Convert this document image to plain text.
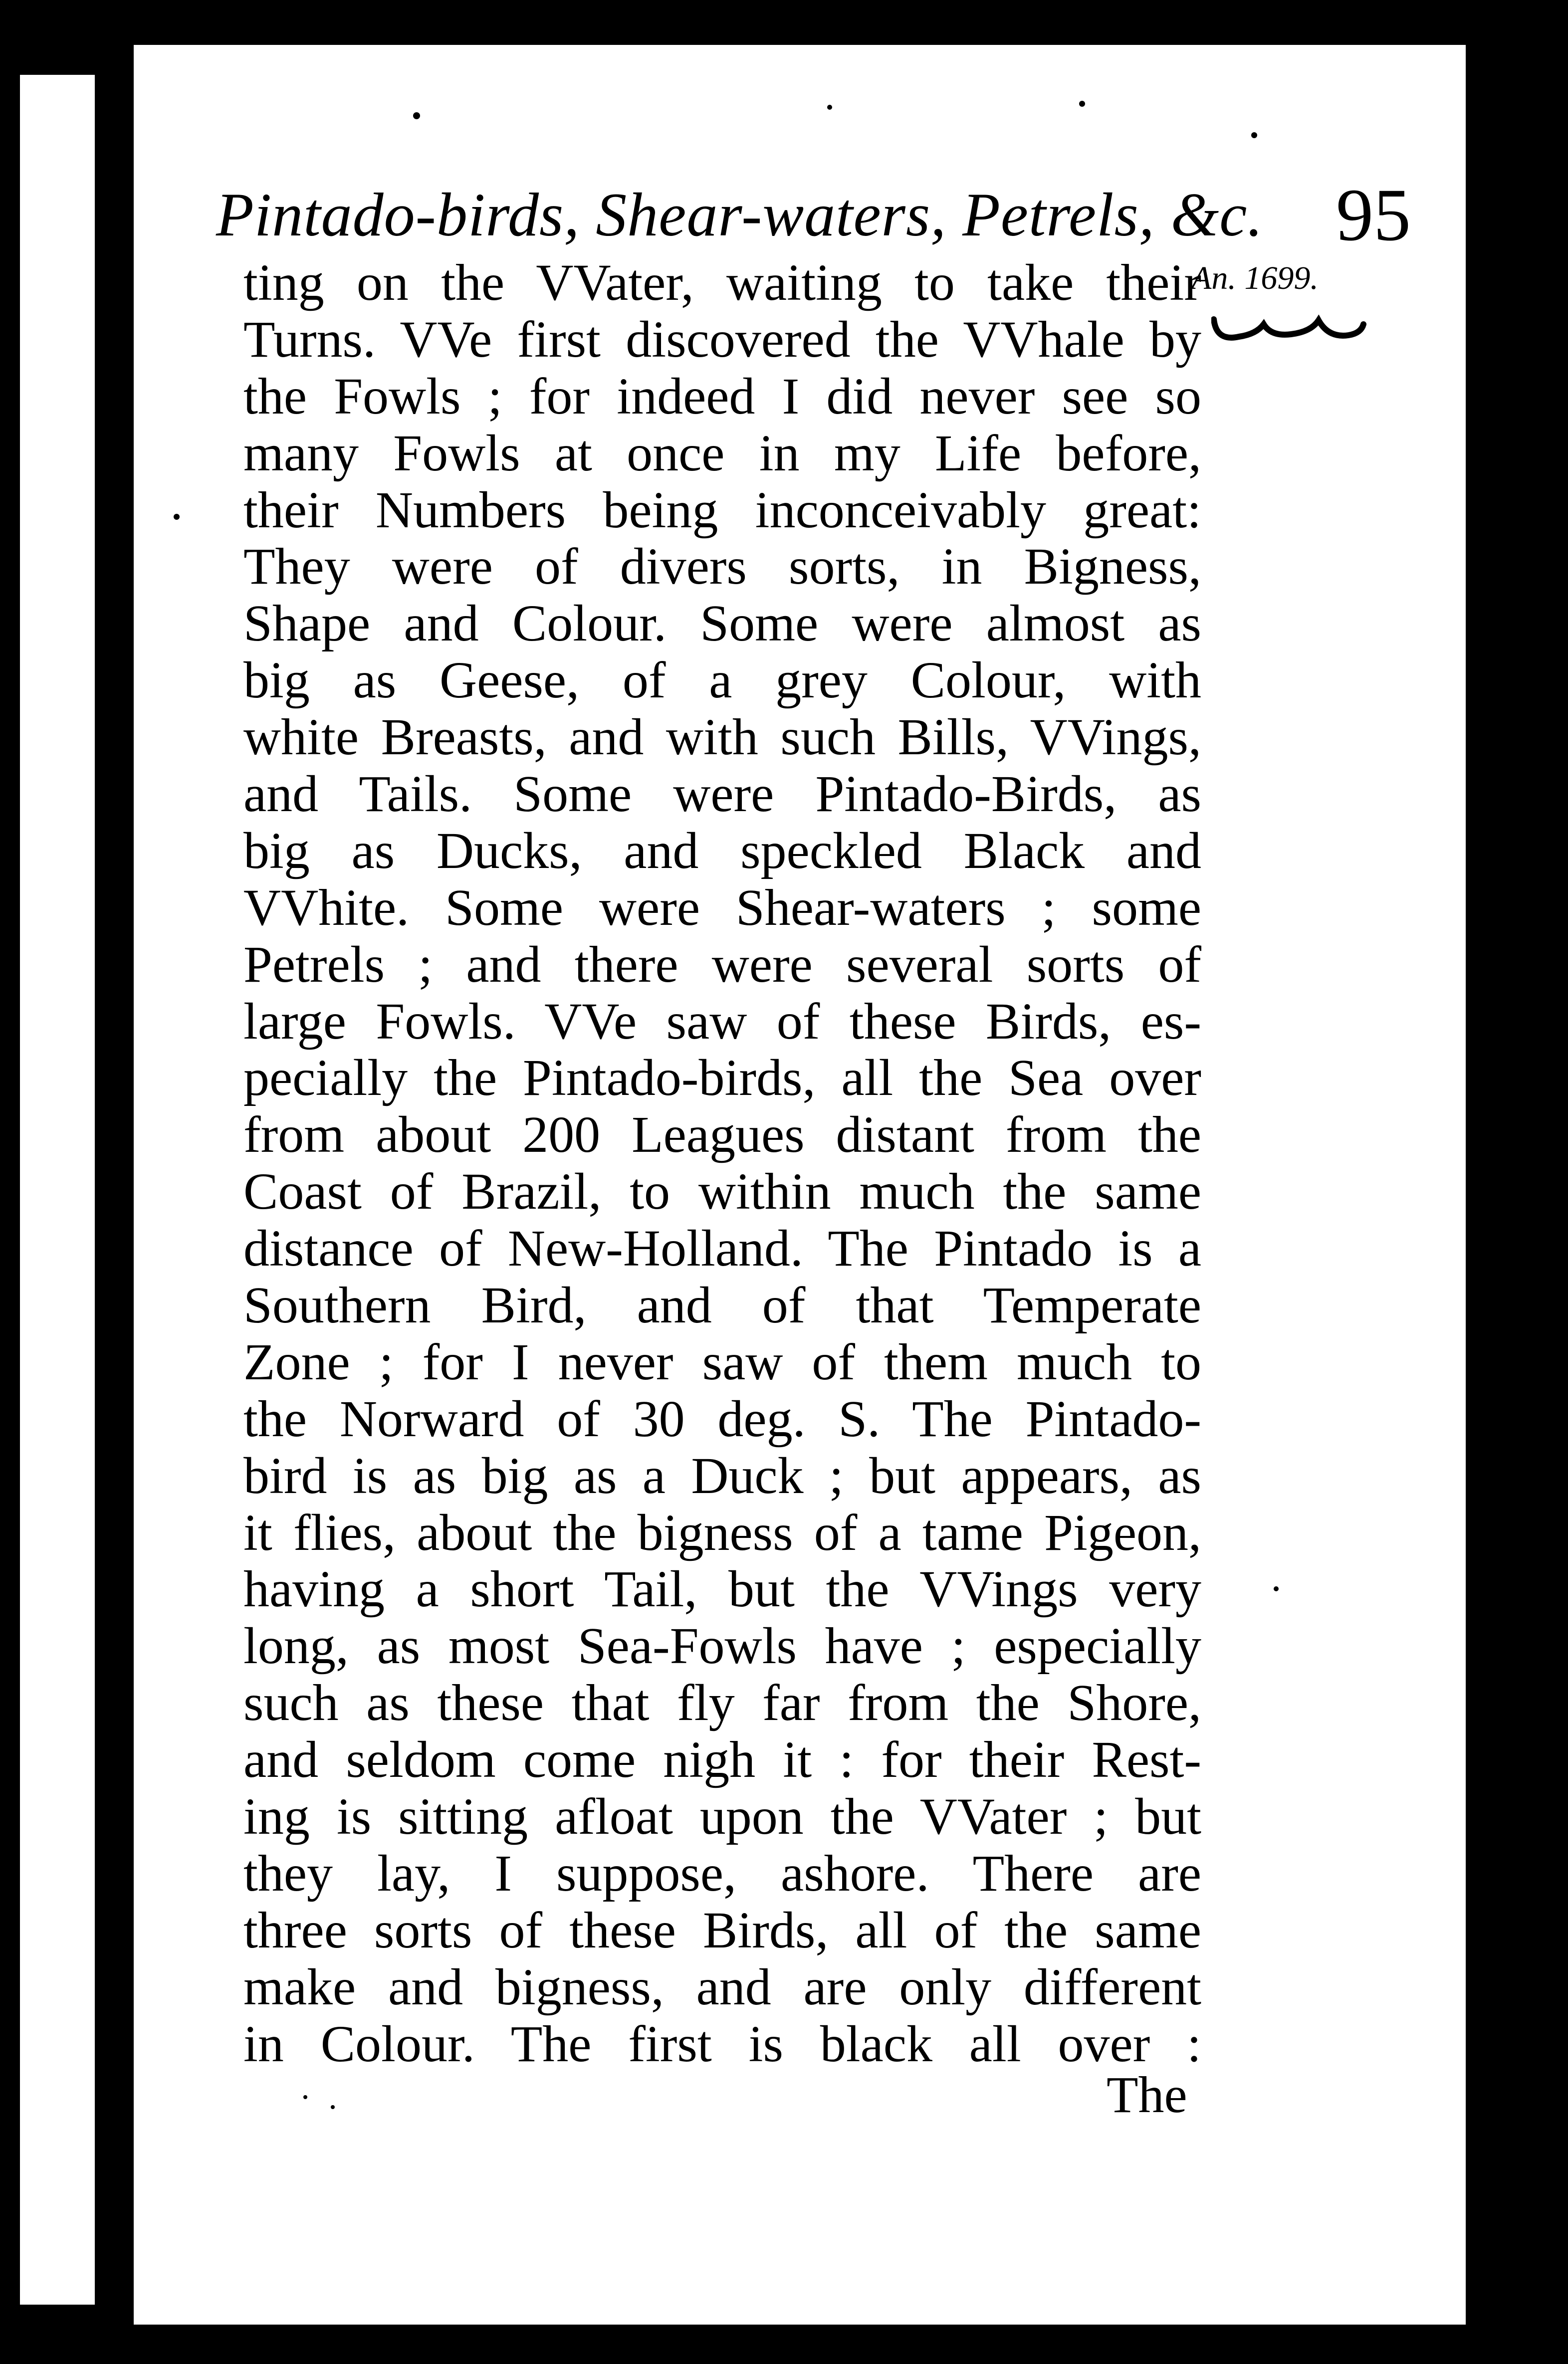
Pintado-birds, Shear-waters, Petrels, &c. 95
An. 1699.
ting on the VVater, waiting to take their
Turns. VVe first discovered the VVhale by
the Fowls ; for indeed I did never see so
many Fowls at once in my Life before,
their Numbers being inconceivably great:
They were of divers sorts, in Bigness,
Shape and Colour. Some were almost as
big as Geese, of a grey Colour, with
white Breasts, and with such Bills, VVings,
and Tails. Some were Pintado-Birds, as
big as Ducks, and speckled Black and
VVhite. Some were Shear-waters ; some
Petrels ; and there were several sorts of
large Fowls. VVe saw of these Birds, es-
pecially the Pintado-birds, all the Sea over
from about 200 Leagues distant from the
Coast of Brazil, to within much the same
distance of New-Holland. The Pintado is a
Southern Bird, and of that Temperate
Zone ; for I never saw of them much to
the Norward of 30 deg. S. The Pintado-
bird is as big as a Duck ; but appears, as
it flies, about the bigness of a tame Pigeon,
having a short Tail, but the VVings very
long, as most Sea-Fowls have ; especially
such as these that fly far from the Shore,
and seldom come nigh it : for their Rest-
ing is sitting afloat upon the VVater ; but
they lay, I suppose, ashore. There are
three sorts of these Birds, all of the same
make and bigness, and are only different
in Colour. The first is black all over :
The
